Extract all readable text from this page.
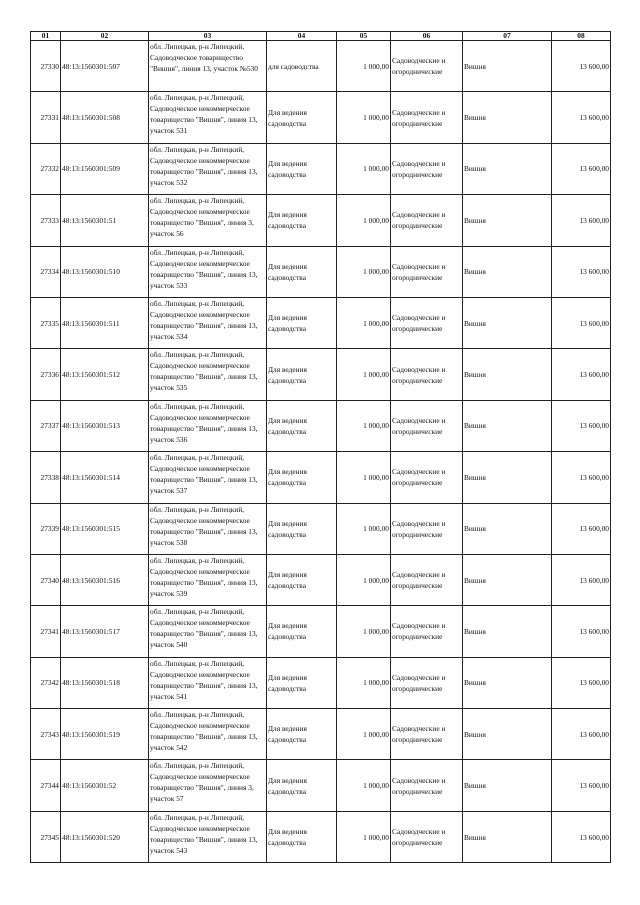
01	02	03	04	05	06	07	08
27330	48:13:1560301:507	обл. Липецкая, р-н Липецкий, Садоводческое товарищество "Вишня", линия 13, участок №530	для садоводства	1 000,00	Садоводческие и огороднические	Вишня	13 600,00
27331	48:13:1560301:508	обл. Липецкая, р-н Липецкий, Садоводческое некоммерческое товарищество "Вишня", линия 13, участок 531	Для ведения садоводства	1 000,00	Садоводческие и огороднические	Вишня	13 600,00
27332	48:13:1560301:509	обл. Липецкая, р-н Липецкий, Садоводческое некоммерческое товарищество "Вишня", линия 13, участок 532	Для ведения садоводства	1 000,00	Садоводческие и огороднические	Вишня	13 600,00
27333	48:13:1560301:51	обл. Липецкая, р-н Липецкий, Садоводческое некоммерческое товарищество "Вишня", линия 3, участок 56	Для ведения садоводства	1 000,00	Садоводческие и огороднические	Вишня	13 600,00
27334	48:13:1560301:510	обл. Липецкая, р-н Липецкий, Садоводческое некоммерческое товарищество "Вишня", линия 13, участок 533	Для ведения садоводства	1 000,00	Садоводческие и огороднические	Вишня	13 600,00
27335	48:13:1560301:511	обл. Липецкая, р-н Липецкий, Садоводческое некоммерческое товарищество "Вишня", линия 13, участок 534	Для ведения садоводства	1 000,00	Садоводческие и огороднические	Вишня	13 600,00
27336	48:13:1560301:512	обл. Липецкая, р-н Липецкий, Садоводческое некоммерческое товарищество "Вишня", линия 13, участок 535	Для ведения садоводства	1 000,00	Садоводческие и огороднические	Вишня	13 600,00
27337	48:13:1560301:513	обл. Липецкая, р-н Липецкий, Садоводческое некоммерческое товарищество "Вишня", линия 13, участок 536	Для ведения садоводства	1 000,00	Садоводческие и огороднические	Вишня	13 600,00
27338	48:13:1560301:514	обл. Липецкая, р-н Липецкий, Садоводческое некоммерческое товарищество "Вишня", линия 13, участок 537	Для ведения садоводства	1 000,00	Садоводческие и огороднические	Вишня	13 600,00
27339	48:13:1560301:515	обл. Липецкая, р-н Липецкий, Садоводческое некоммерческое товарищество "Вишня", линия 13, участок 538	Для ведения садоводства	1 000,00	Садоводческие и огороднические	Вишня	13 600,00
27340	48:13:1560301:516	обл. Липецкая, р-н Липецкий, Садоводческое некоммерческое товарищество "Вишня", линия 13, участок 539	Для ведения садоводства	1 000,00	Садоводческие и огороднические	Вишня	13 600,00
27341	48:13:1560301:517	обл. Липецкая, р-н Липецкий, Садоводческое некоммерческое товарищество "Вишня", линия 13, участок 540	Для ведения садоводства	1 000,00	Садоводческие и огороднические	Вишня	13 600,00
27342	48:13:1560301:518	обл. Липецкая, р-н Липецкий, Садоводческое некоммерческое товарищество "Вишня", линия 13, участок 541	Для ведения садоводства	1 000,00	Садоводческие и огороднические	Вишня	13 600,00
27343	48:13:1560301:519	обл. Липецкая, р-н Липецкий, Садоводческое некоммерческое товарищество "Вишня", линия 13, участок 542	Для ведения садоводства	1 000,00	Садоводческие и огороднические	Вишня	13 600,00
27344	48:13:1560301:52	обл. Липецкая, р-н Липецкий, Садоводческое некоммерческое товарищество "Вишня", линия 3, участок 57	Для ведения садоводства	1 000,00	Садоводческие и огороднические	Вишня	13 600,00
27345	48:13:1560301:520	обл. Липецкая, р-н Липецкий, Садоводческое некоммерческое товарищество "Вишня", линия 13, участок 543	Для ведения садоводства	1 000,00	Садоводческие и огороднические	Вишня	13 600,00
